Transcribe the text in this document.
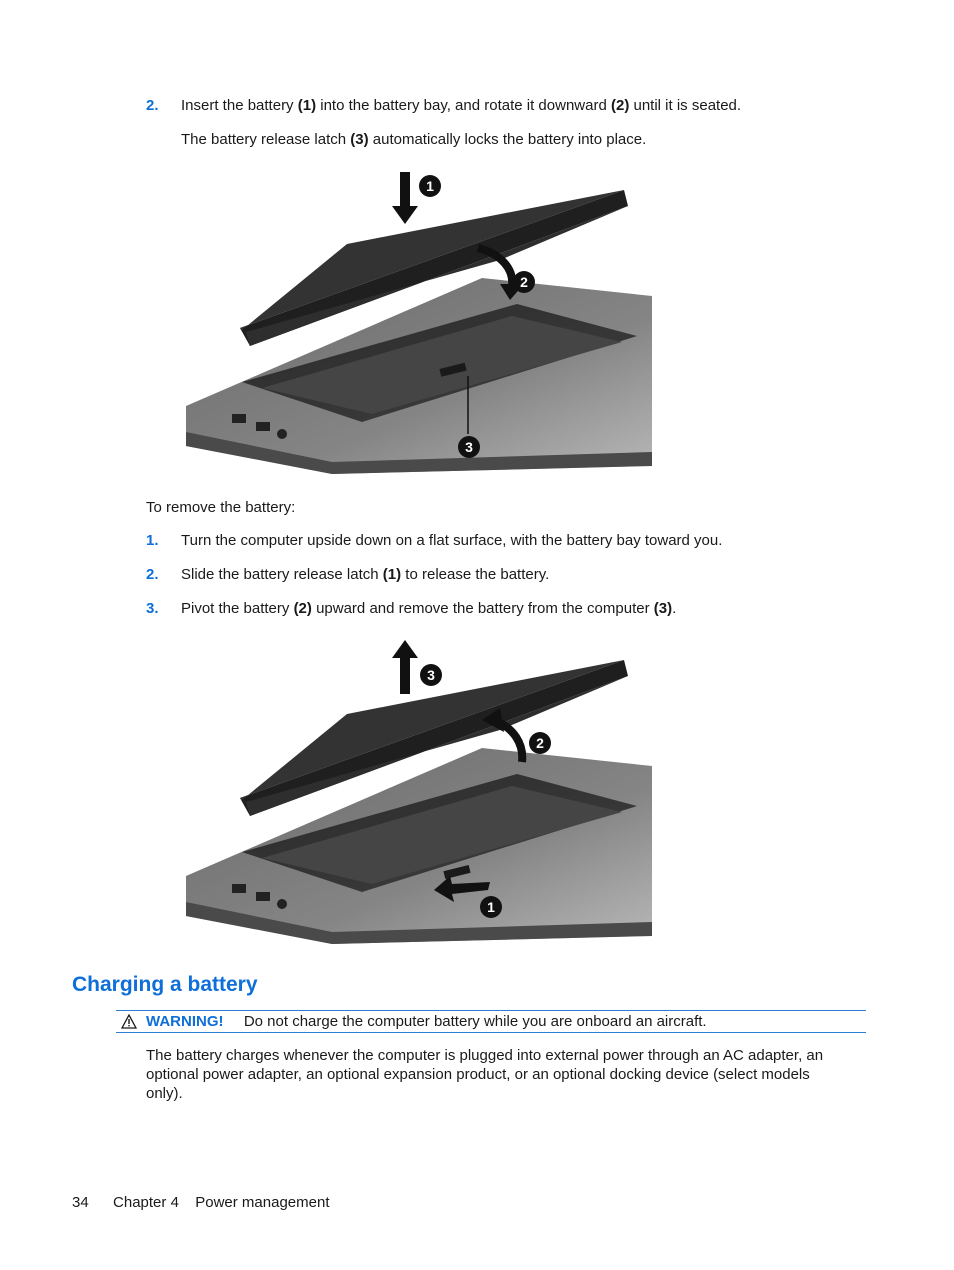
2. Insert the battery (1) into the battery bay, and rotate it downward (2) until it is seated.
The battery release latch (3) automatically locks the battery into place.
1
2
3
To remove the battery:
1. Turn the computer upside down on a flat surface, with the battery bay toward you.
2. Slide the battery release latch (1) to release the battery.
3. Pivot the battery (2) upward and remove the battery from the computer (3).
3
2
1
Charging a battery
WARNING! Do not charge the computer battery while you are onboard an aircraft.
The battery charges whenever the computer is plugged into external power through an AC adapter, an
optional power adapter, an optional expansion product, or an optional docking device (select models
only).
34 Chapter 4 Power management
